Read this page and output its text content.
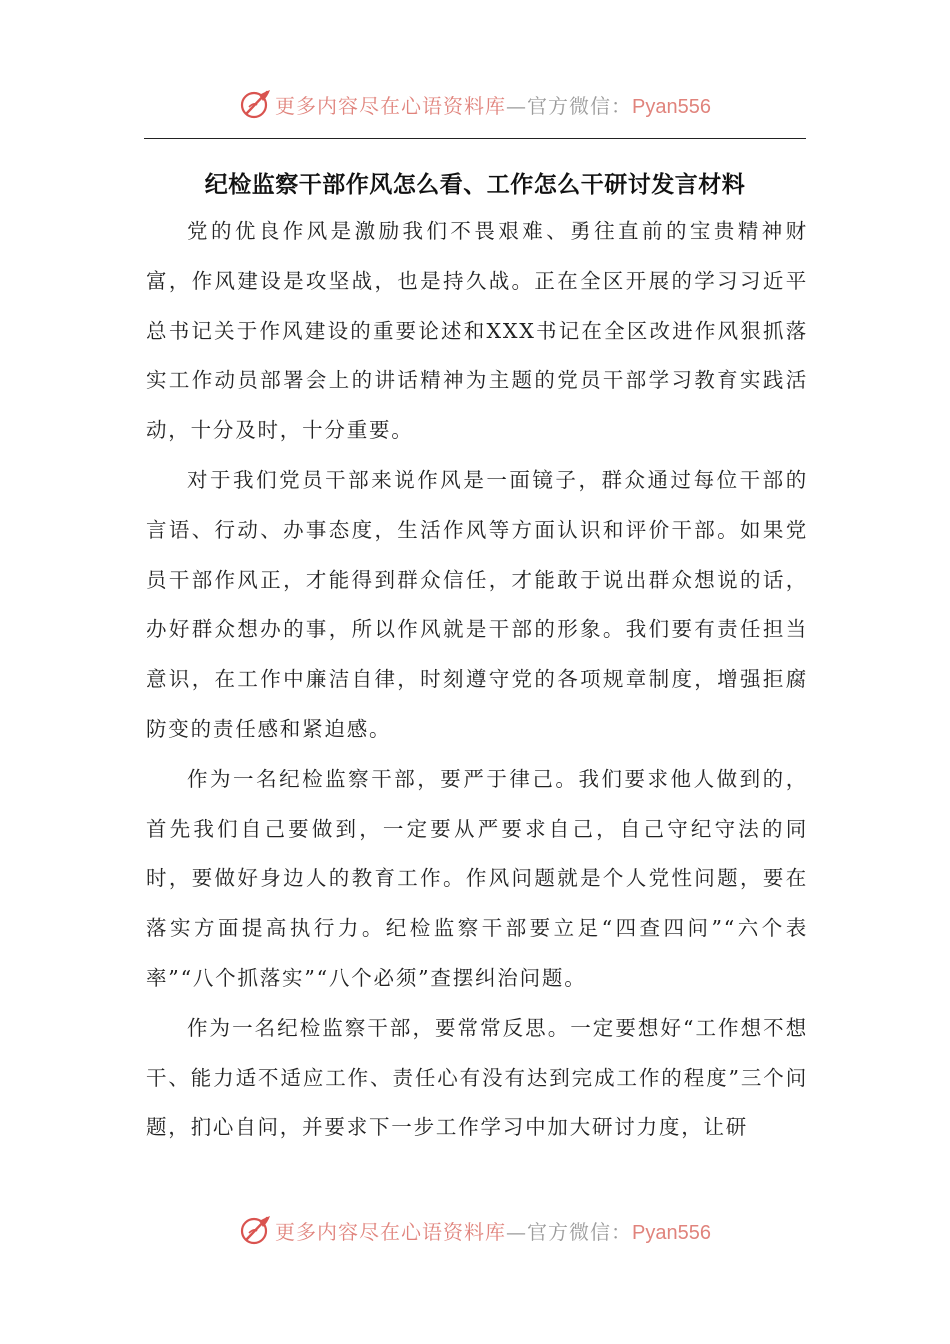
更多内容尽在心语资料库—官方微信：Pyan556
纪检监察干部作风怎么看、工作怎么干研讨发言材料

党的优良作风是激励我们不畏艰难、勇往直前的宝贵精神财富，作风建设是攻坚战，也是持久战。正在全区开展的学习习近平总书记关于作风建设的重要论述和XXX书记在全区改进作风狠抓落实工作动员部署会上的讲话精神为主题的党员干部学习教育实践活动，十分及时，十分重要。

对于我们党员干部来说作风是一面镜子，群众通过每位干部的言语、行动、办事态度，生活作风等方面认识和评价干部。如果党员干部作风正，才能得到群众信任，才能敢于说出群众想说的话，办好群众想办的事，所以作风就是干部的形象。我们要有责任担当意识，在工作中廉洁自律，时刻遵守党的各项规章制度，增强拒腐防变的责任感和紧迫感。

作为一名纪检监察干部，要严于律己。我们要求他人做到的，首先我们自己要做到，一定要从严要求自己，自己守纪守法的同时，要做好身边人的教育工作。作风问题就是个人党性问题，要在落实方面提高执行力。纪检监察干部要立足“四查四问”“六个表率”“八个抓落实”“八个必须”查摆纠治问题。

作为一名纪检监察干部，要常常反思。一定要想好“工作想不想干、能力适不适应工作、责任心有没有达到完成工作的程度”三个问题，扪心自问，并要求下一步工作学习中加大研讨力度，让研

更多内容尽在心语资料库—官方微信：Pyan556
